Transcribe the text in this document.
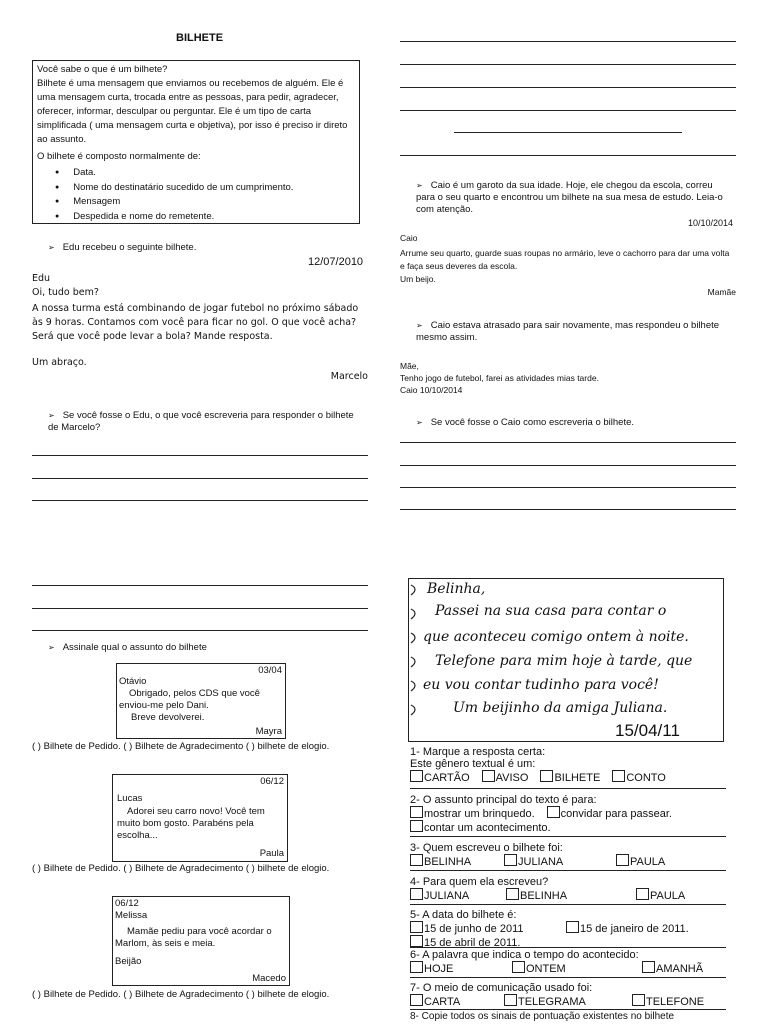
BILHETE

Você sabe o que é um bilhete?

Bilhete é uma mensagem que enviamos ou recebemos de alguém. Ele é uma mensagem curta, trocada entre as pessoas, para pedir, agradecer, oferecer, informar, desculpar ou perguntar. Ele é um tipo de carta simplificada ( uma mensagem curta e objetiva), por isso é preciso ir direto ao assunto.

O bilhete é composto normalmente de:

● Data.
● Nome do destinatário sucedido de um cumprimento.
● Mensagem
● Despedida e nome do remetente.
➢ Edu recebeu o seguinte bilhete.
12/07/2010

Edu

Oi, tudo bem?

A nossa turma está combinando de jogar futebol no próximo sábado às 9 horas. Contamos com você para ficar no gol. O que você acha? Será que você pode levar a bola? Mande resposta.

Um abraço.

Marcelo

➢ Se você fosse o Edu, o que você escreveria para responder o bilhete de Marcelo?
➢ Assinale qual o assunto do bilhete
03/04
Otávio
Obrigado, pelos CDS que você enviou-me pelo Dani.
Breve devolverei.
Mayra
( ) Bilhete de Pedido. ( ) Bilhete de Agradecimento ( ) bilhete de elogio.
06/12
Lucas
Adorei seu carro novo! Você tem muito bom gosto. Parabéns pela escolha...
Paula
( ) Bilhete de Pedido. ( ) Bilhete de Agradecimento ( ) bilhete de elogio.
06/12
Melissa
Mamãe pediu para você acordar o Marlom, às seis e meia.
Beijão
Macedo
( ) Bilhete de Pedido. ( ) Bilhete de Agradecimento ( ) bilhete de elogio.
➢ Caio é um garoto da sua idade. Hoje, ele chegou da escola, correu para o seu quarto e encontrou um bilhete na sua mesa de estudo. Leia-o com atenção.
10/10/2014
Caio
Arrume seu quarto, guarde suas roupas no armário, leve o cachorro para dar uma volta e faça seus deveres da escola.
Um beijo.
Mamãe
➢ Caio estava atrasado para sair novamente, mas respondeu o bilhete mesmo assim.
Mãe,
Tenho jogo de futebol, farei as atividades mias tarde.
Caio 10/10/2014
➢ Se você fosse o Caio como escreveria o bilhete.
Belinha,
Passei na sua casa para contar o
que aconteceu comigo ontem à noite.
Telefone para mim hoje à tarde, que
eu vou contar tudinho para você!
Um beijinho da amiga Juliana.
15/04/11
1- Marque a resposta certa:
Este gênero textual é um:
CARTÃO AVISO BILHETE CONTO
2- O assunto principal do texto é para:
mostrar um brinquedo. convidar para passear.
contar um acontecimento.
3- Quem escreveu o bilhete foi:
BELINHA	JULIANA	PAULA
4- Para quem ela escreveu?
JULIANA	BELINHA	PAULA
5- A data do bilhete é:
15 de junho de 2011	15 de janeiro de 2011.
15 de abril de 2011.
6- A palavra que indica o tempo do acontecido:
HOJE	ONTEM	AMANHÃ
7- O meio de comunicação usado foi:
CARTA	TELEGRAMA	TELEFONE
8- Copie todos os sinais de pontuação existentes no bilhete
